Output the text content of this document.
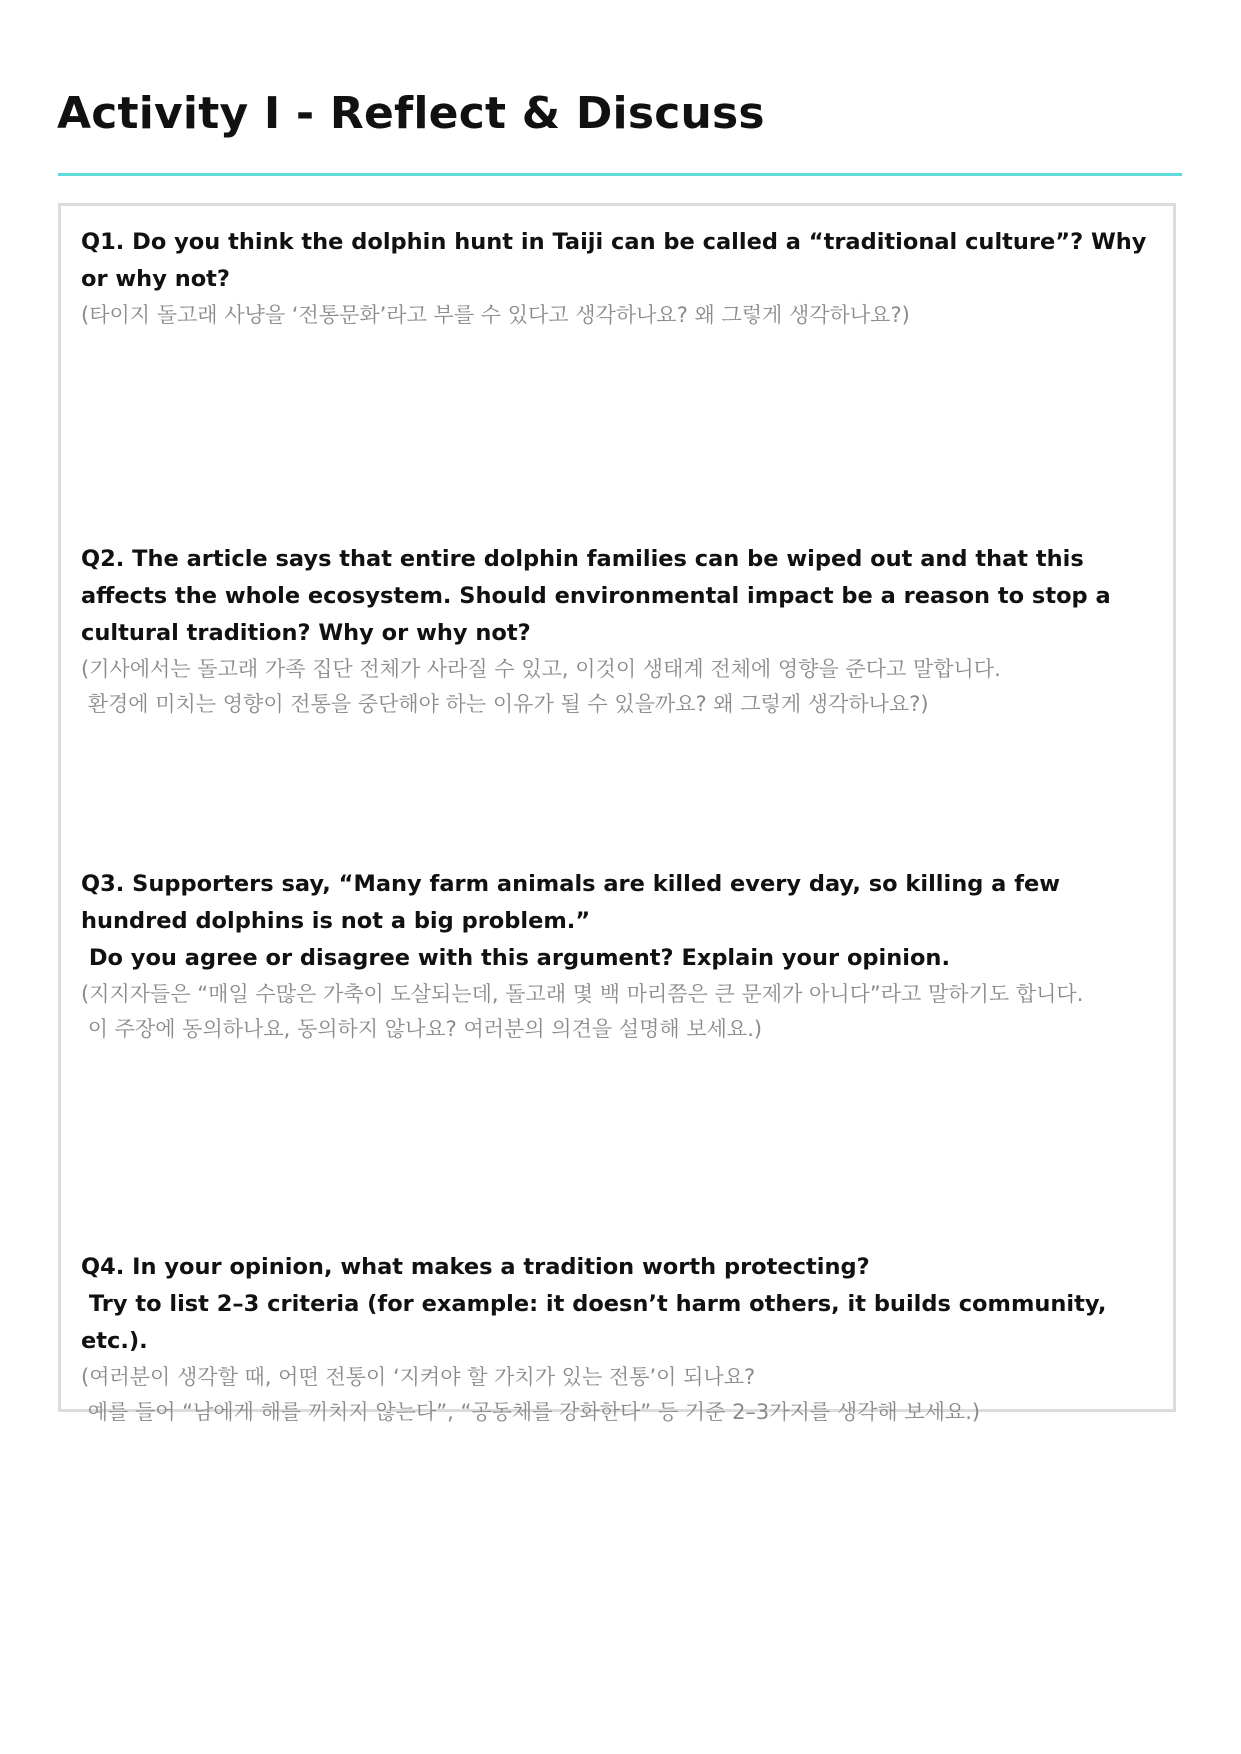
Activity I - Reflect & Discuss

Q1. Do you think the dolphin hunt in Taiji can be called a “traditional culture”? Why or why not?

(타이지 돌고래 사냥을 ‘전통문화’라고 부를 수 있다고 생각하나요? 왜 그렇게 생각하나요?)

Q2. The article says that entire dolphin families can be wiped out and that this affects the whole ecosystem. Should environmental impact be a reason to stop a cultural tradition? Why or why not?

(기사에서는 돌고래 가족 집단 전체가 사라질 수 있고, 이것이 생태계 전체에 영향을 준다고 말합니다.
환경에 미치는 영향이 전통을 중단해야 하는 이유가 될 수 있을까요? 왜 그렇게 생각하나요?)

Q3. Supporters say, “Many farm animals are killed every day, so killing a few hundred dolphins is not a big problem.”
Do you agree or disagree with this argument? Explain your opinion.

(지지자들은 “매일 수많은 가축이 도살되는데, 돌고래 몇 백 마리쯤은 큰 문제가 아니다”라고 말하기도 합니다.
이 주장에 동의하나요, 동의하지 않나요? 여러분의 의견을 설명해 보세요.)

Q4. In your opinion, what makes a tradition worth protecting?
Try to list 2–3 criteria (for example: it doesn’t harm others, it builds community, etc.).

(여러분이 생각할 때, 어떤 전통이 ‘지켜야 할 가치가 있는 전통’이 되나요?
예를 들어 “남에게 해를 끼치지 않는다”, “공동체를 강화한다” 등 기준 2–3가지를 생각해 보세요.)
